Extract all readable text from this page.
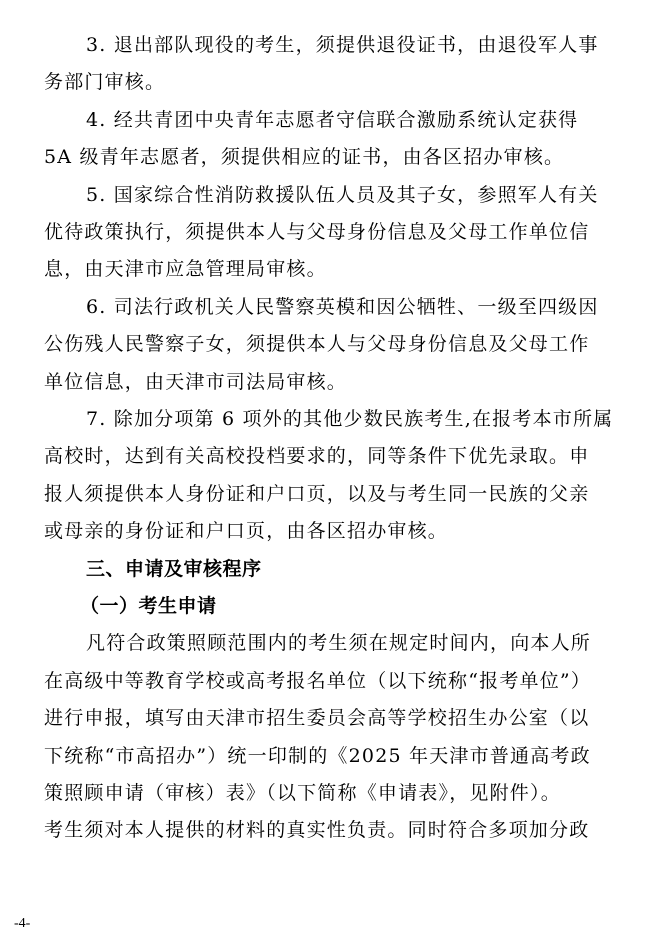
3. 退出部队现役的考生，须提供退役证书，由退役军人事
务部门审核。
4. 经共青团中央青年志愿者守信联合激励系统认定获得
5A 级青年志愿者，须提供相应的证书，由各区招办审核。
5. 国家综合性消防救援队伍人员及其子女，参照军人有关
优待政策执行，须提供本人与父母身份信息及父母工作单位信
息，由天津市应急管理局审核。
6. 司法行政机关人民警察英模和因公牺牲、一级至四级因
公伤残人民警察子女，须提供本人与父母身份信息及父母工作
单位信息，由天津市司法局审核。
7. 除加分项第 6 项外的其他少数民族考生,在报考本市所属
高校时，达到有关高校投档要求的，同等条件下优先录取。申
报人须提供本人身份证和户口页，以及与考生同一民族的父亲
或母亲的身份证和户口页，由各区招办审核。
三、申请及审核程序
（一）考生申请
凡符合政策照顾范围内的考生须在规定时间内，向本人所
在高级中等教育学校或高考报名单位（以下统称“报考单位”）
进行申报，填写由天津市招生委员会高等学校招生办公室（以
下统称“市高招办”）统一印制的《2025 年天津市普通高考政
策照顾申请（审核）表》（以下简称《申请表》，见附件）。
考生须对本人提供的材料的真实性负责。同时符合多项加分政
-4-
